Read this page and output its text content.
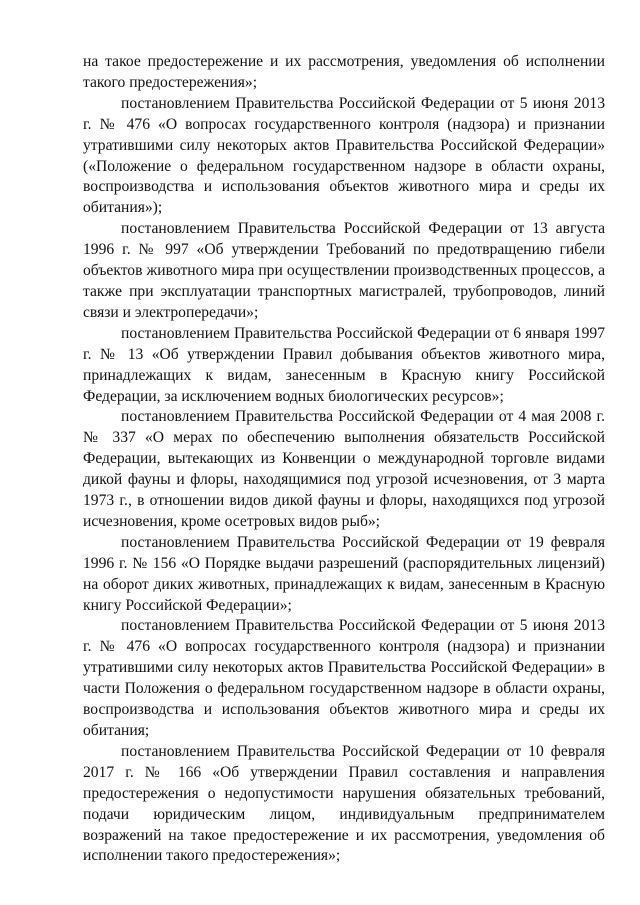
на такое предостережение и их рассмотрения, уведомления об исполнении такого предостережения»;

постановлением Правительства Российской Федерации от 5 июня 2013 г. № 476 «О вопросах государственного контроля (надзора) и признании утратившими силу некоторых актов Правительства Российской Федерации» («Положение о федеральном государственном надзоре в области охраны, воспроизводства и использования объектов животного мира и среды их обитания»);

постановлением Правительства Российской Федерации от 13 августа 1996 г. № 997 «Об утверждении Требований по предотвращению гибели объектов животного мира при осуществлении производственных процессов, а также при эксплуатации транспортных магистралей, трубопроводов, линий связи и электропередачи»;

постановлением Правительства Российской Федерации от 6 января 1997 г. № 13 «Об утверждении Правил добывания объектов животного мира, принадлежащих к видам, занесенным в Красную книгу Российской Федерации, за исключением водных биологических ресурсов»;

постановлением Правительства Российской Федерации от 4 мая 2008 г. № 337 «О мерах по обеспечению выполнения обязательств Российской Федерации, вытекающих из Конвенции о международной торговле видами дикой фауны и флоры, находящимися под угрозой исчезновения, от 3 марта 1973 г., в отношении видов дикой фауны и флоры, находящихся под угрозой исчезновения, кроме осетровых видов рыб»;

постановлением Правительства Российской Федерации от 19 февраля 1996 г. № 156 «О Порядке выдачи разрешений (распорядительных лицензий) на оборот диких животных, принадлежащих к видам, занесенным в Красную книгу Российской Федерации»;

постановлением Правительства Российской Федерации от 5 июня 2013 г. № 476 «О вопросах государственного контроля (надзора) и признании утратившими силу некоторых актов Правительства Российской Федерации» в части Положения о федеральном государственном надзоре в области охраны, воспроизводства и использования объектов животного мира и среды их обитания;

постановлением Правительства Российской Федерации от 10 февраля 2017 г. № 166 «Об утверждении Правил составления и направления предостережения о недопустимости нарушения обязательных требований, подачи юридическим лицом, индивидуальным предпринимателем возражений на такое предостережение и их рассмотрения, уведомления об исполнении такого предостережения»;
